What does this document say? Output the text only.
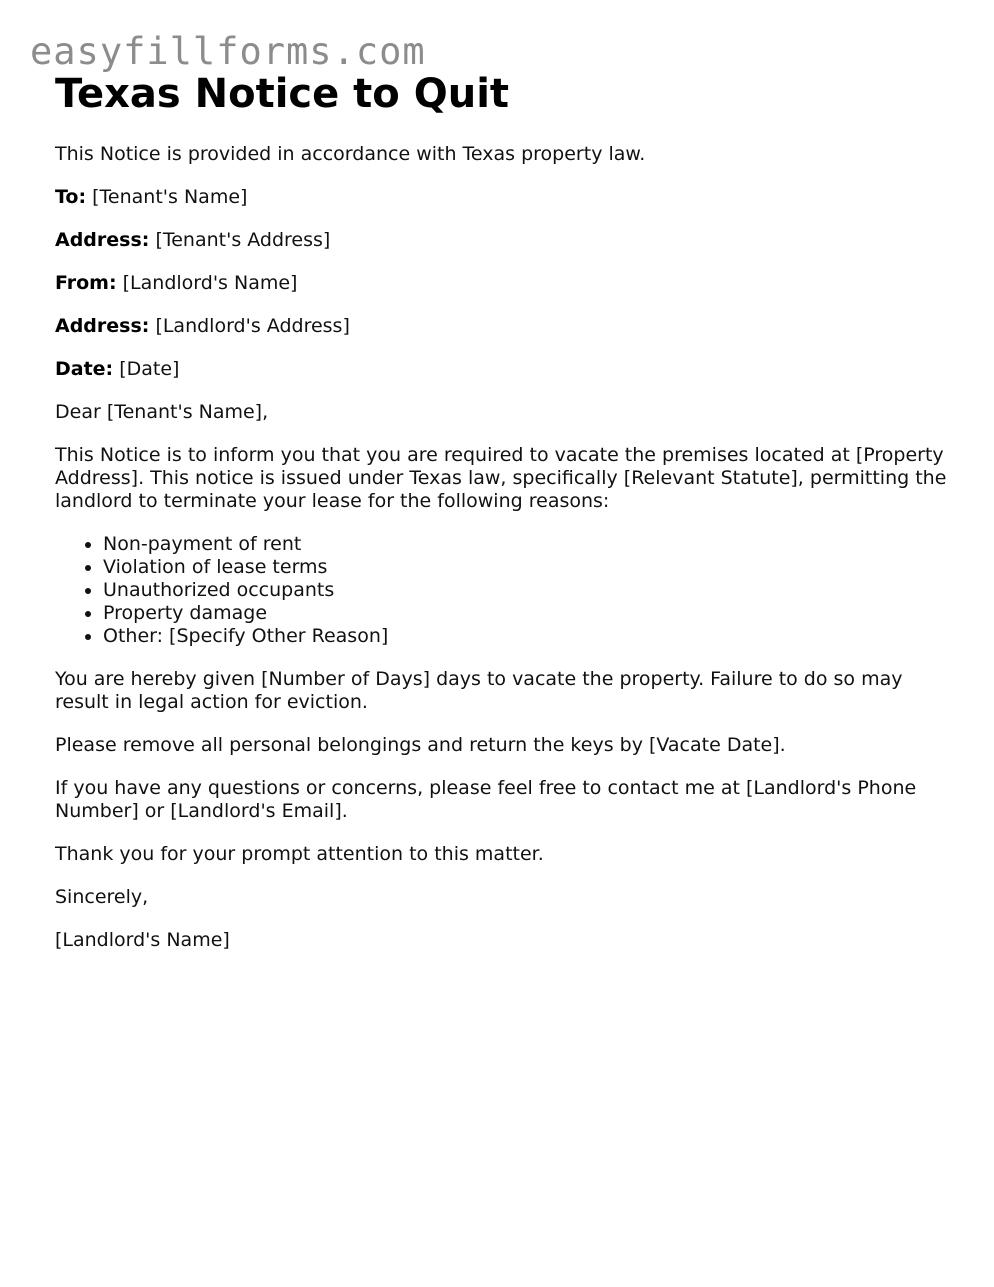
easyfillforms.com
Texas Notice to Quit

This Notice is provided in accordance with Texas property law.

To: [Tenant's Name]

Address: [Tenant's Address]

From: [Landlord's Name]

Address: [Landlord's Address]

Date: [Date]

Dear [Tenant's Name],

This Notice is to inform you that you are required to vacate the premises located at [Property Address]. This notice is issued under Texas law, specifically [Relevant Statute], permitting the landlord to terminate your lease for the following reasons:

• Non-payment of rent
• Violation of lease terms
• Unauthorized occupants
• Property damage
• Other: [Specify Other Reason]

You are hereby given [Number of Days] days to vacate the property. Failure to do so may result in legal action for eviction.

Please remove all personal belongings and return the keys by [Vacate Date].

If you have any questions or concerns, please feel free to contact me at [Landlord's Phone Number] or [Landlord's Email].

Thank you for your prompt attention to this matter.

Sincerely,

[Landlord's Name]
